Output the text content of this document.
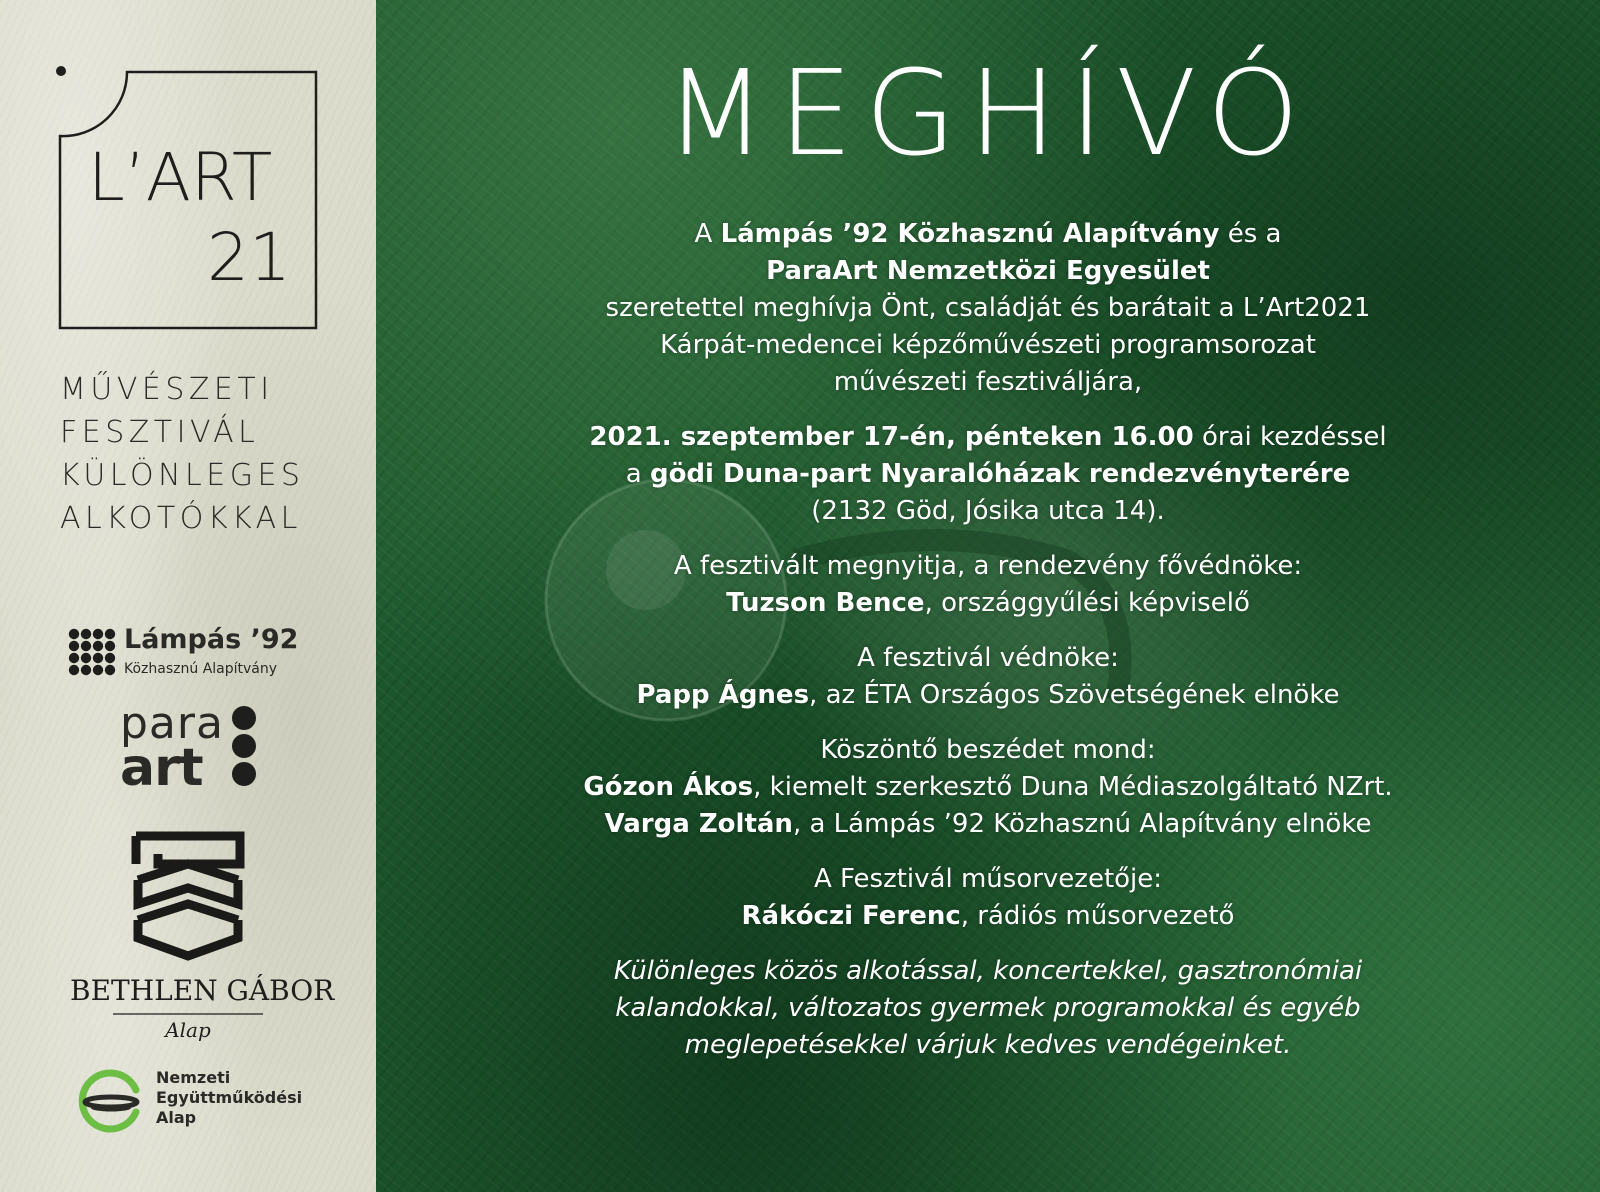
L’ART
21
MŰVÉSZETI
FESZTIVÁL
KÜLÖNLEGES
ALKOTÓKKAL
Lámpás ’92
Közhasznú Alapítvány
para
art
BETHLEN GÁBOR
Alap
Nemzeti
Együttműködési
Alap
MEGHÍVÓ

A Lámpás ’92 Közhasznú Alapítvány és a
ParaArt Nemzetközi Egyesület
szeretettel meghívja Önt, családját és barátait a L’Art2021
Kárpát-medencei képzőművészeti programsorozat
művészeti fesztiváljára,

2021. szeptember 17-én, pénteken 16.00 órai kezdéssel
a gödi Duna-part Nyaralóházak rendezvényterére
(2132 Göd, Jósika utca 14).

A fesztivált megnyitja, a rendezvény fővédnöke:
Tuzson Bence, országgyűlési képviselő

A fesztivál védnöke:
Papp Ágnes, az ÉTA Országos Szövetségének elnöke

Köszöntő beszédet mond:
Gózon Ákos, kiemelt szerkesztő Duna Médiaszolgáltató NZrt.
Varga Zoltán, a Lámpás ’92 Közhasznú Alapítvány elnöke

A Fesztivál műsorvezetője:
Rákóczi Ferenc, rádiós műsorvezető

Különleges közös alkotással, koncertekkel, gasztronómiai
kalandokkal, változatos gyermek programokkal és egyéb
meglepetésekkel várjuk kedves vendégeinket.
